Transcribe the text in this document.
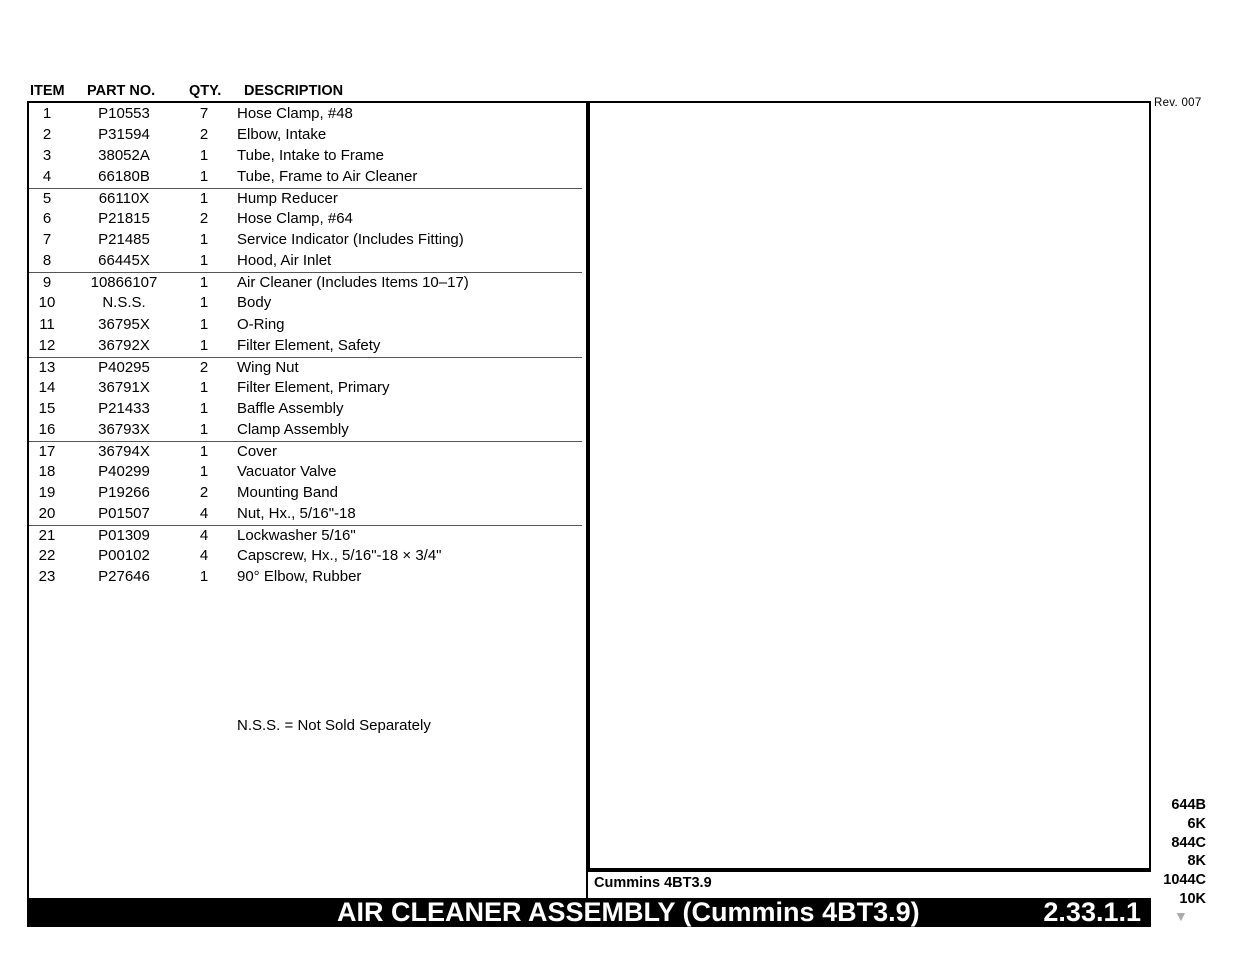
ITEM PART NO. QTY. DESCRIPTION
Rev. 007
Cummins 4BT3.9
1	P10553	7	Hose Clamp, #48
2	P31594	2	Elbow, Intake
3	38052A	1	Tube, Intake to Frame
4	66180B	1	Tube, Frame to Air Cleaner
5	66110X	1	Hump Reducer
6	P21815	2	Hose Clamp, #64
7	P21485	1	Service Indicator (Includes Fitting)
8	66445X	1	Hood, Air Inlet
9	10866107	1	Air Cleaner (Includes Items 10–17)
10	N.S.S.	1	Body
11	36795X	1	O-Ring
12	36792X	1	Filter Element, Safety
13	P40295	2	Wing Nut
14	36791X	1	Filter Element, Primary
15	P21433	1	Baffle Assembly
16	36793X	1	Clamp Assembly
17	36794X	1	Cover
18	P40299	1	Vacuator Valve
19	P19266	2	Mounting Band
20	P01507	4	Nut, Hx., 5/16"-18
21	P01309	4	Lockwasher 5/16"
22	P00102	4	Capscrew, Hx., 5/16"-18 × 3/4"
23	P27646	1	90° Elbow, Rubber
N.S.S. = Not Sold Separately
644B
6K
844C
8K
1044C
10K
▼
AIR CLEANER ASSEMBLY (Cummins 4BT3.9)	2.33.1.1
